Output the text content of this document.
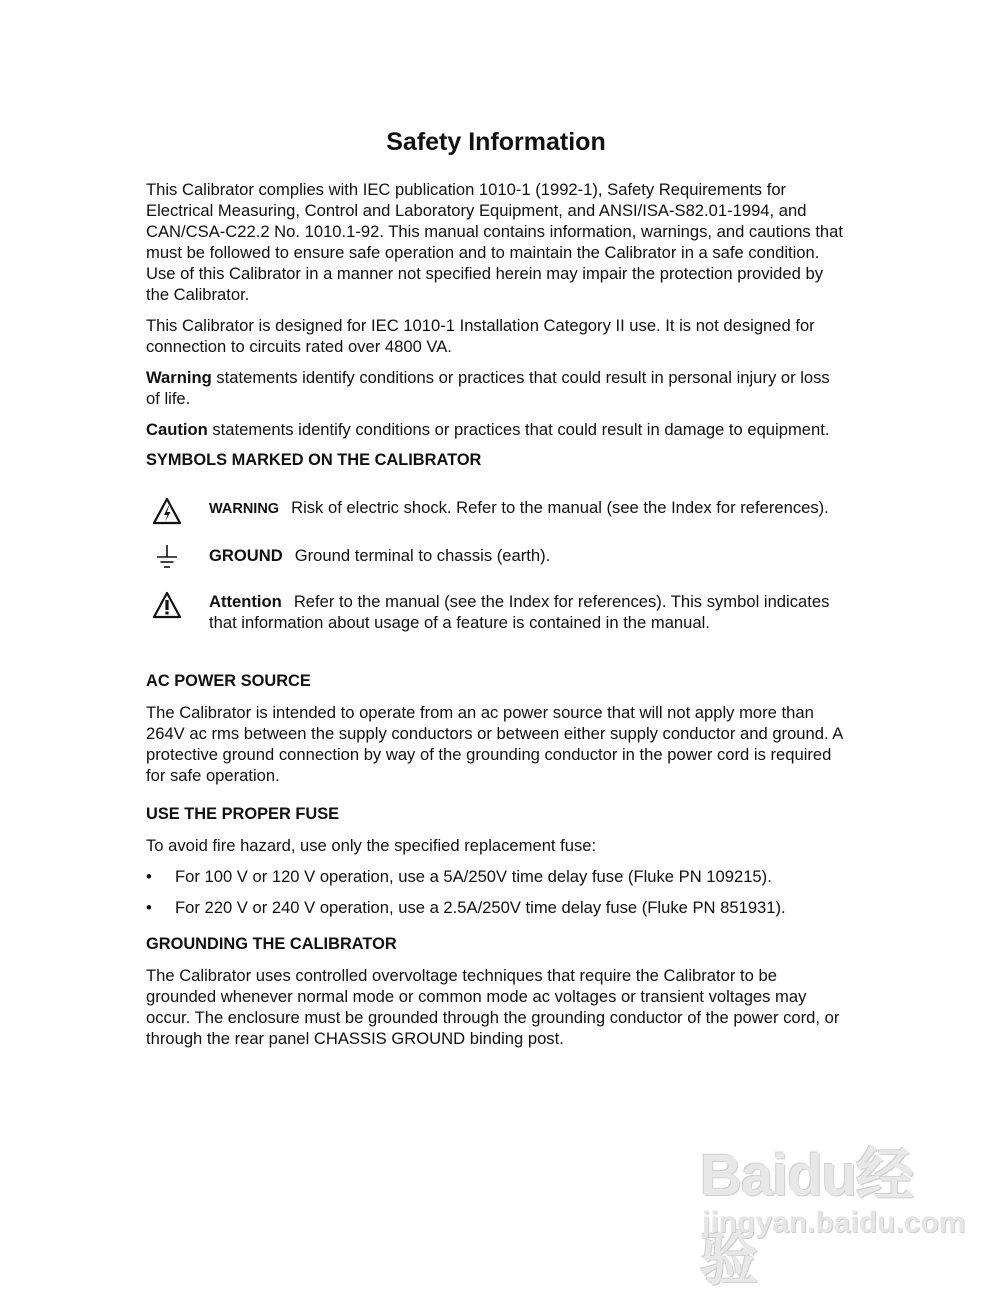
Safety Information

This Calibrator complies with IEC publication 1010-1 (1992-1), Safety Requirements for Electrical Measuring, Control and Laboratory Equipment, and ANSI/ISA-S82.01-1994, and CAN/CSA-C22.2 No. 1010.1-92. This manual contains information, warnings, and cautions that must be followed to ensure safe operation and to maintain the Calibrator in a safe condition. Use of this Calibrator in a manner not specified herein may impair the protection provided by the Calibrator.

This Calibrator is designed for IEC 1010-1 Installation Category II use. It is not designed for connection to circuits rated over 4800 VA.

Warning statements identify conditions or practices that could result in personal injury or loss of life.

Caution statements identify conditions or practices that could result in damage to equipment.

SYMBOLS MARKED ON THE CALIBRATOR
WARNING Risk of electric shock. Refer to the manual (see the Index for references).
GROUND Ground terminal to chassis (earth).
Attention Refer to the manual (see the Index for references). This symbol indicates that information about usage of a feature is contained in the manual.
AC POWER SOURCE

The Calibrator is intended to operate from an ac power source that will not apply more than 264V ac rms between the supply conductors or between either supply conductor and ground. A protective ground connection by way of the grounding conductor in the power cord is required for safe operation.

USE THE PROPER FUSE

To avoid fire hazard, use only the specified replacement fuse:

• For 100 V or 120 V operation, use a 5A/250V time delay fuse (Fluke PN 109215).
• For 220 V or 240 V operation, use a 2.5A/250V time delay fuse (Fluke PN 851931).
GROUNDING THE CALIBRATOR

The Calibrator uses controlled overvoltage techniques that require the Calibrator to be grounded whenever normal mode or common mode ac voltages or transient voltages may occur. The enclosure must be grounded through the grounding conductor of the power cord, or through the rear panel CHASSIS GROUND binding post.

Baidu经验
jingyan.baidu.com
